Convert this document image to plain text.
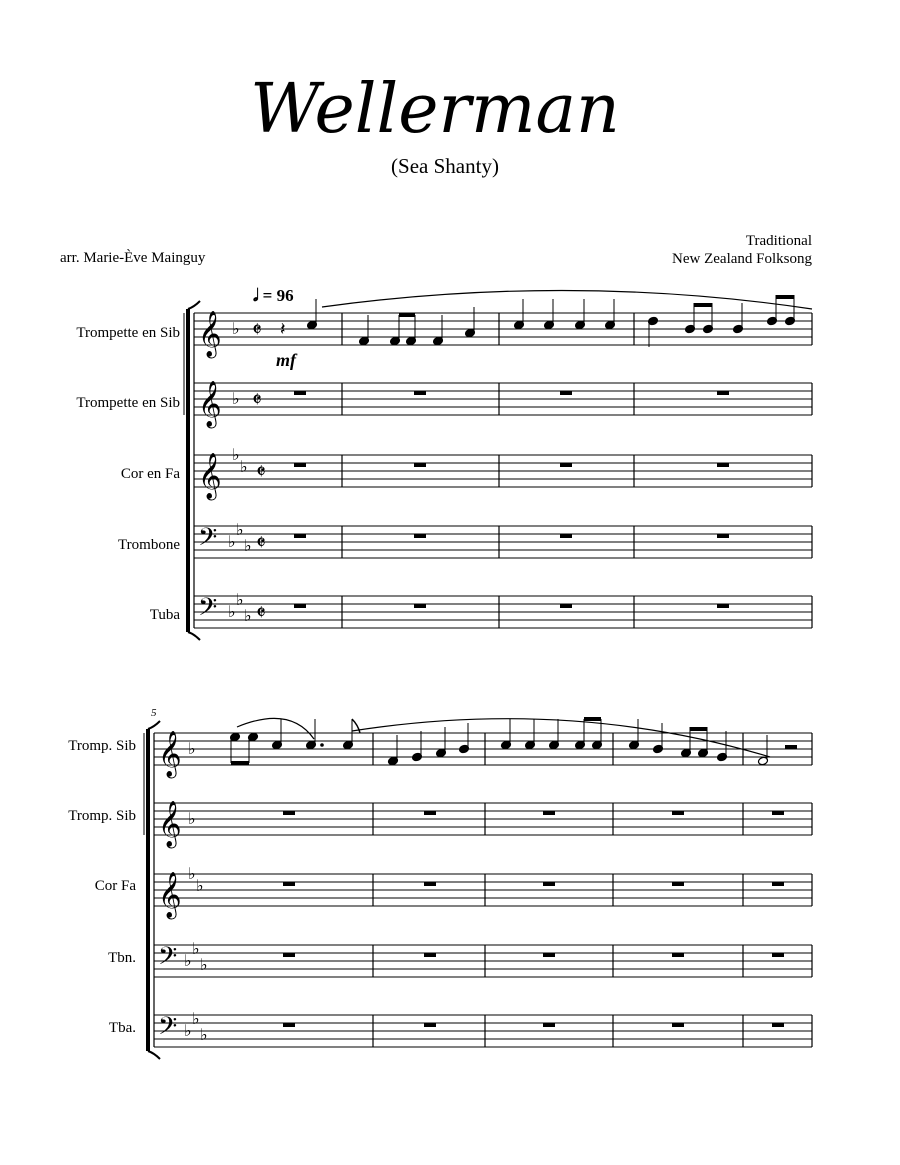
Wellerman
(Sea Shanty)
arr. Marie-Ève Mainguy
Traditional
New Zealand Folksong
𝅗𝅥 = 96
mf
5
Trompette en Sib
Trompette en Sib
Cor en Fa
Trombone
Tuba
Tromp. Sib
Tromp. Sib
Cor Fa
Tbn.
Tba.
𝄞
𝄞
𝄞
𝄢
𝄢
♭
♭
♭
♭
♭
♭
♭
♭
♭
♭
𝄵
𝄵
𝄵
𝄵
𝄵
𝄽
𝄞
𝄞
𝄞
𝄢
𝄢
♭
♭
♭
♭
♭
♭
♭
♭
♭
♭
